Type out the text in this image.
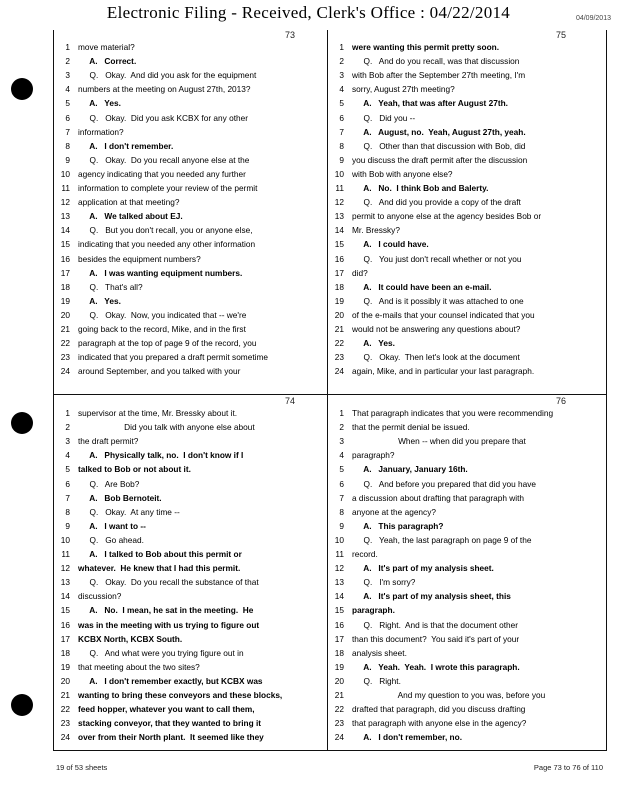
Electronic Filing - Received, Clerk's Office : 04/22/2014	04/09/2013
73	75
74	76
1 move material?
2 A.   Correct.
3 Q.   Okay.  And did you ask for the equipment
4 numbers at the meeting on August 27th, 2013?
5 A.   Yes.
6 Q.   Okay.  Did you ask KCBX for any other
7 information?
8 A.   I don't remember.
9 Q.   Okay.  Do you recall anyone else at the
10 agency indicating that you needed any further
11 information to complete your review of the permit
12 application at that meeting?
13 A.   We talked about EJ.
14 Q.   But you don't recall, you or anyone else,
15 indicating that you needed any other information
16 besides the equipment numbers?
17 A.   I was wanting equipment numbers.
18 Q.   That's all?
19 A.   Yes.
20 Q.   Okay.  Now, you indicated that -- we're
21 going back to the record, Mike, and in the first
22 paragraph at the top of page 9 of the record, you
23 indicated that you prepared a draft permit sometime
24 around September, and you talked with your
1 were wanting this permit pretty soon.
2 Q.   And do you recall, was that discussion
3 with Bob after the September 27th meeting, I'm
4 sorry, August 27th meeting?
5 A.   Yeah, that was after August 27th.
6 Q.   Did you --
7 A.   August, no.  Yeah, August 27th, yeah.
8 Q.   Other than that discussion with Bob, did
9 you discuss the draft permit after the discussion
10 with Bob with anyone else?
11 A.   No.  I think Bob and Balerty.
12 Q.   And did you provide a copy of the draft
13 permit to anyone else at the agency besides Bob or
14 Mr. Bressky?
15 A.   I could have.
16 Q.   You just don't recall whether or not you
17 did?
18 A.   It could have been an e-mail.
19 Q.   And is it possibly it was attached to one
20 of the e-mails that your counsel indicated that you
21 would not be answering any questions about?
22 A.   Yes.
23 Q.   Okay.  Then let's look at the document
24 again, Mike, and in particular your last paragraph.
1 supervisor at the time, Mr. Bressky about it.
2 Did you talk with anyone else about
3 the draft permit?
4 A.   Physically talk, no.  I don't know if I
5 talked to Bob or not about it.
6 Q.   Are Bob?
7 A.   Bob Bernoteit.
8 Q.   Okay.  At any time --
9 A.   I want to --
10 Q.   Go ahead.
11 A.   I talked to Bob about this permit or
12 whatever.  He knew that I had this permit.
13 Q.   Okay.  Do you recall the substance of that
14 discussion?
15 A.   No.  I mean, he sat in the meeting.  He
16 was in the meeting with us trying to figure out
17 KCBX North, KCBX South.
18 Q.   And what were you trying figure out in
19 that meeting about the two sites?
20 A.   I don't remember exactly, but KCBX was
21 wanting to bring these conveyors and these blocks,
22 feed hopper, whatever you want to call them,
23 stacking conveyor, that they wanted to bring it
24 over from their North plant.  It seemed like they
1 That paragraph indicates that you were recommending
2 that the permit denial be issued.
3 When -- when did you prepare that
4 paragraph?
5 A.   January, January 16th.
6 Q.   And before you prepared that did you have
7 a discussion about drafting that paragraph with
8 anyone at the agency?
9 A.   This paragraph?
10 Q.   Yeah, the last paragraph on page 9 of the
11 record.
12 A.   It's part of my analysis sheet.
13 Q.   I'm sorry?
14 A.   It's part of my analysis sheet, this
15 paragraph.
16 Q.   Right.  And is that the document other
17 than this document?  You said it's part of your
18 analysis sheet.
19 A.   Yeah.  Yeah.  I wrote this paragraph.
20 Q.   Right.
21 And my question to you was, before you
22 drafted that paragraph, did you discuss drafting
23 that paragraph with anyone else in the agency?
24 A.   I don't remember, no.
19 of 53 sheets	Page 73 to 76 of 110
